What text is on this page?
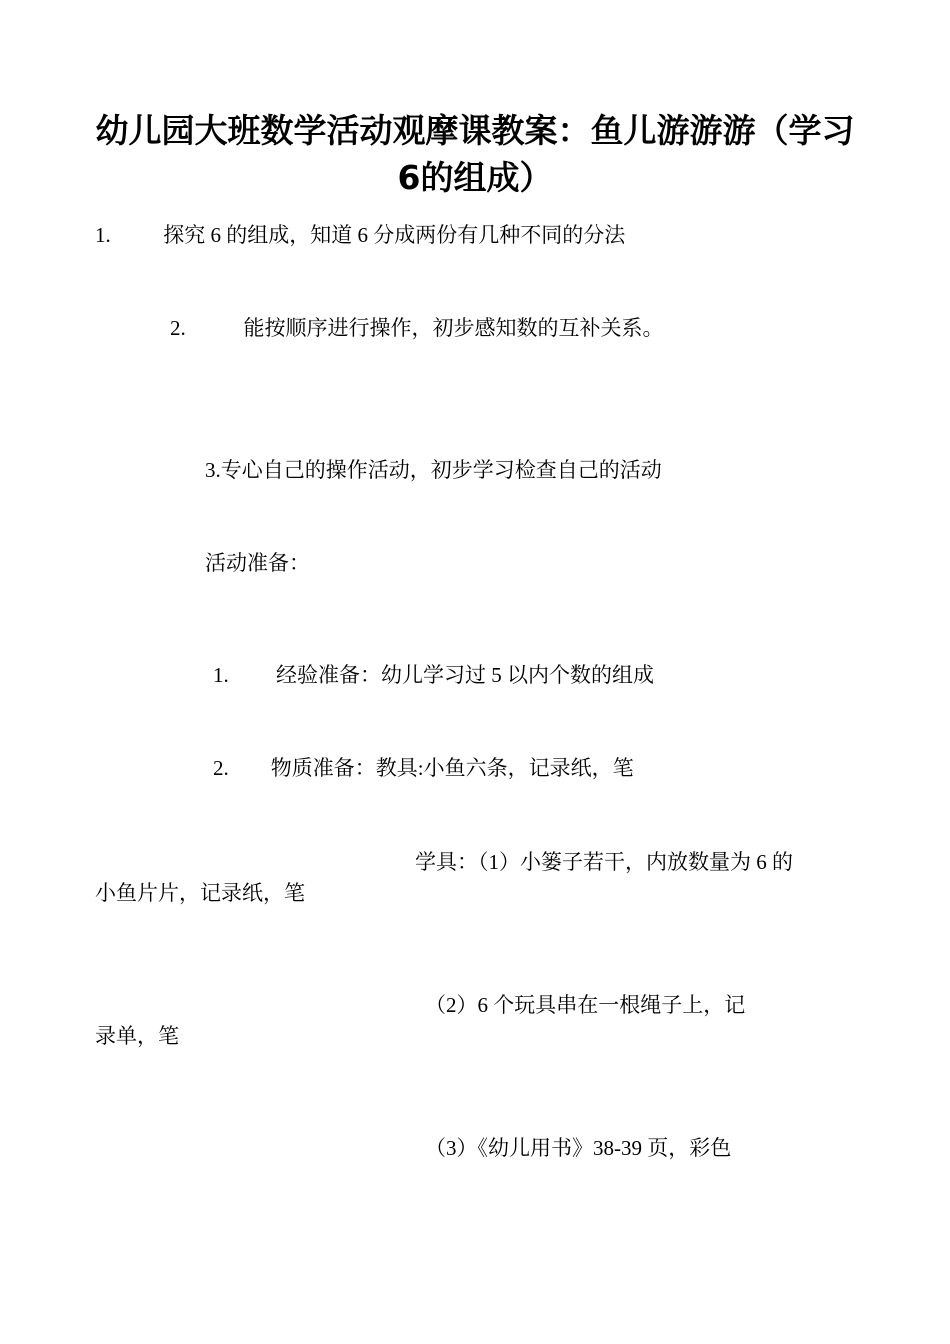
幼儿园大班数学活动观摩课教案：鱼儿游游游（学习6的组成）

1.	探究 6 的组成，知道 6 分成两份有几种不同的分法

2.	能按顺序进行操作，初步感知数的互补关系。

3.专心自己的操作活动，初步学习检查自己的活动

活动准备：

1.	经验准备：幼儿学习过 5 以内个数的组成

2.	物质准备：教具:小鱼六条，记录纸，笔

学具：（1）小篓子若干，内放数量为 6 的

小鱼片片，记录纸，笔

（2）6 个玩具串在一根绳子上，记

录单，笔

（3）《幼儿用书》38-39 页，彩色
